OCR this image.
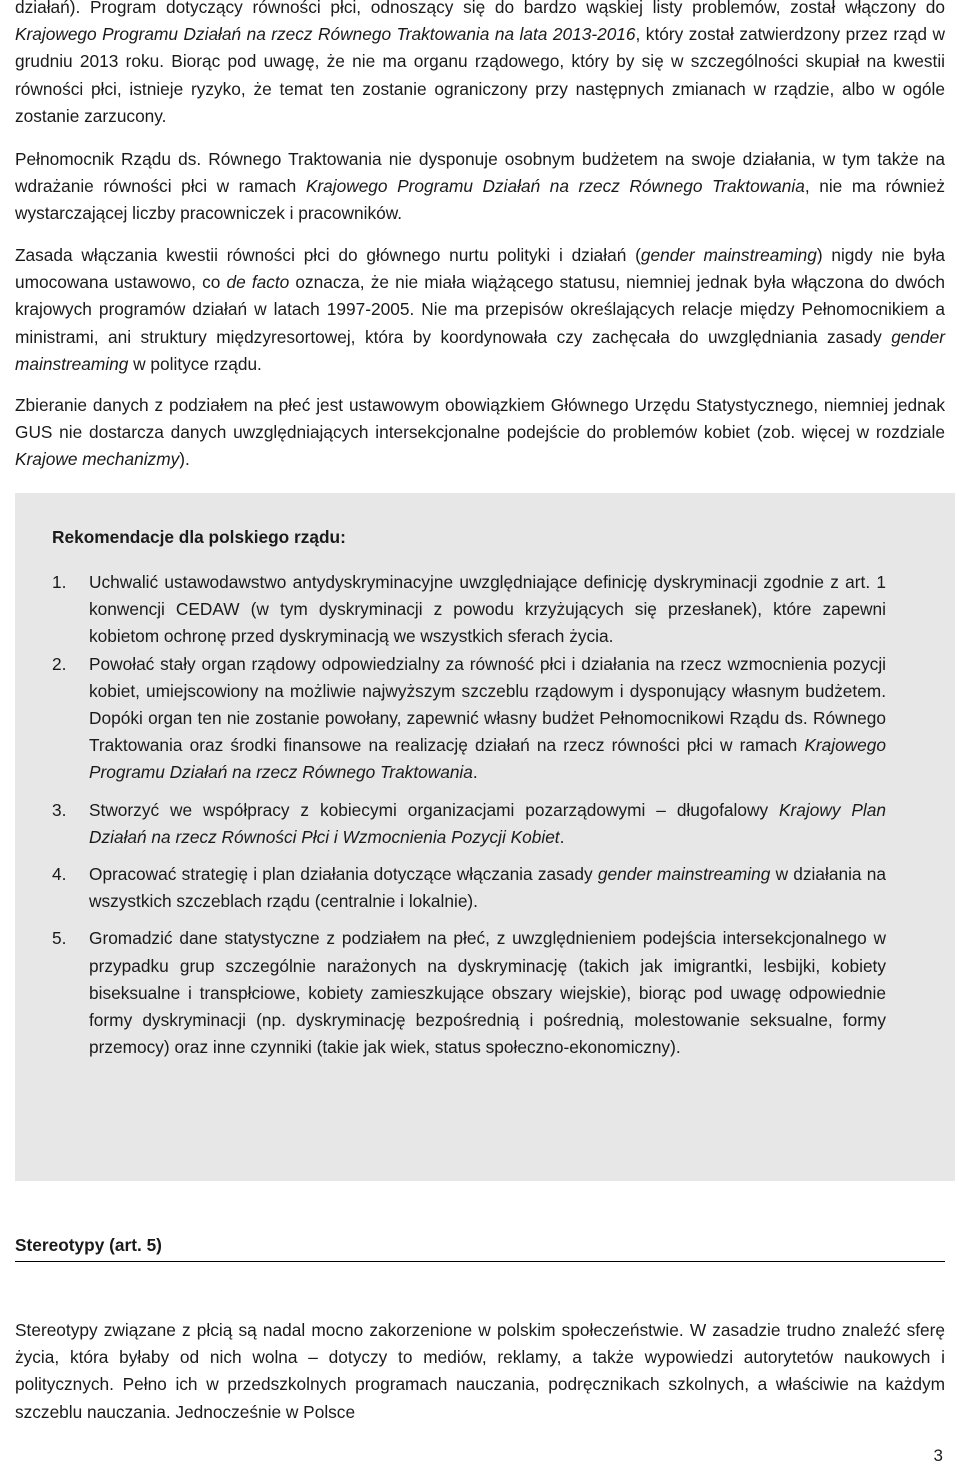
działań). Program dotyczący równości płci, odnoszący się do bardzo wąskiej listy problemów, został włączony do Krajowego Programu Działań na rzecz Równego Traktowania na lata 2013-2016, który został zatwierdzony przez rząd w grudniu 2013 roku. Biorąc pod uwagę, że nie ma organu rządowego, który by się w szczególności skupiał na kwestii równości płci, istnieje ryzyko, że temat ten zostanie ograniczony przy następnych zmianach w rządzie, albo w ogóle zostanie zarzucony.

Pełnomocnik Rządu ds. Równego Traktowania nie dysponuje osobnym budżetem na swoje działania, w tym także na wdrażanie równości płci w ramach Krajowego Programu Działań na rzecz Równego Traktowania, nie ma również wystarczającej liczby pracowniczek i pracowników.

Zasada włączania kwestii równości płci do głównego nurtu polityki i działań (gender mainstreaming) nigdy nie była umocowana ustawowo, co de facto oznacza, że nie miała wiążącego statusu, niemniej jednak była włączona do dwóch krajowych programów działań w latach 1997-2005. Nie ma przepisów określających relacje między Pełnomocnikiem a ministrami, ani struktury międzyresortowej, która by koordynowała czy zachęcała do uwzględniania zasady gender mainstreaming w polityce rządu.

Zbieranie danych z podziałem na płeć jest ustawowym obowiązkiem Głównego Urzędu Statystycznego, niemniej jednak GUS nie dostarcza danych uwzględniających intersekcjonalne podejście do problemów kobiet (zob. więcej w rozdziale Krajowe mechanizmy).

Rekomendacje dla polskiego rządu:
1. Uchwalić ustawodawstwo antydyskryminacyjne uwzględniające definicję dyskryminacji zgodnie z art. 1 konwencji CEDAW (w tym dyskryminacji z powodu krzyżujących się przesłanek), które zapewni kobietom ochronę przed dyskryminacją we wszystkich sferach życia.

2. Powołać stały organ rządowy odpowiedzialny za równość płci i działania na rzecz wzmocnienia pozycji kobiet, umiejscowiony na możliwie najwyższym szczeblu rządowym i dysponujący własnym budżetem. Dopóki organ ten nie zostanie powołany, zapewnić własny budżet Pełnomocnikowi Rządu ds. Równego Traktowania oraz środki finansowe na realizację działań na rzecz równości płci w ramach Krajowego Programu Działań na rzecz Równego Traktowania.

3. Stworzyć we współpracy z kobiecymi organizacjami pozarządowymi – długofalowy Krajowy Plan Działań na rzecz Równości Płci i Wzmocnienia Pozycji Kobiet.

4. Opracować strategię i plan działania dotyczące włączania zasady gender mainstreaming w działania na wszystkich szczeblach rządu (centralnie i lokalnie).

5. Gromadzić dane statystyczne z podziałem na płeć, z uwzględnieniem podejścia intersekcjonalnego w przypadku grup szczególnie narażonych na dyskryminację (takich jak imigrantki, lesbijki, kobiety biseksualne i transpłciowe, kobiety zamieszkujące obszary wiejskie), biorąc pod uwagę odpowiednie formy dyskryminacji (np. dyskryminację bezpośrednią i pośrednią, molestowanie seksualne, formy przemocy) oraz inne czynniki (takie jak wiek, status społeczno-ekonomiczny).

Stereotypy (art. 5)

Stereotypy związane z płcią są nadal mocno zakorzenione w polskim społeczeństwie. W zasadzie trudno znaleźć sferę życia, która byłaby od nich wolna – dotyczy to mediów, reklamy, a także wypowiedzi autorytetów naukowych i politycznych. Pełno ich w przedszkolnych programach nauczania, podręcznikach szkolnych, a właściwie na każdym szczeblu nauczania. Jednocześnie w Polsce

3
